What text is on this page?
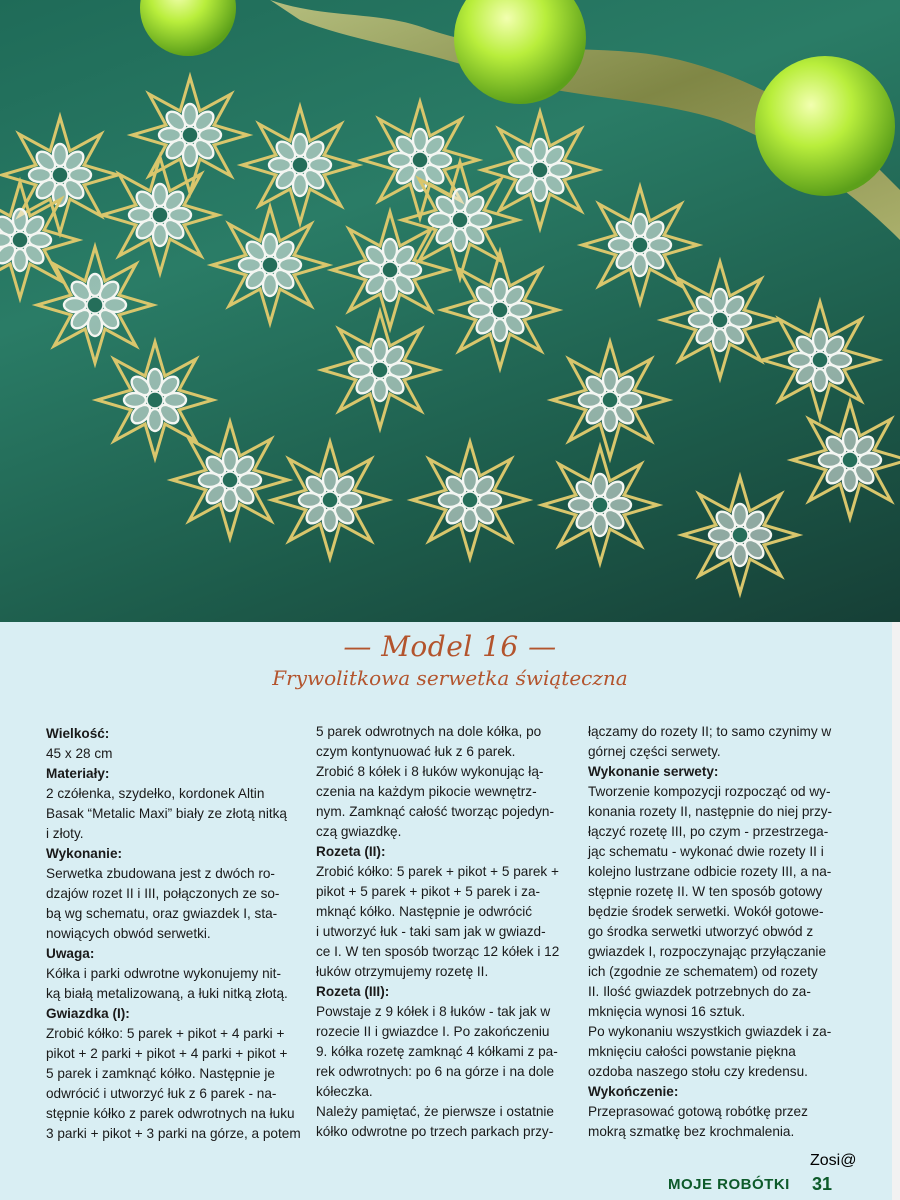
— Model 16 —
Frywolitkowa serwetka świąteczna
Wielkość:
45 x 28 cm
Materiały:
2 czółenka, szydełko, kordonek Altin
Basak “Metalic Maxi” biały ze złotą nitką
i złoty.
Wykonanie:
Serwetka zbudowana jest z dwóch ro-
dzajów rozet II i III, połączonych ze so-
bą wg schematu, oraz gwiazdek I, sta-
nowiących obwód serwetki.
Uwaga:
Kółka i parki odwrotne wykonujemy nit-
ką białą metalizowaną, a łuki nitką złotą.
Gwiazdka (I):
Zrobić kółko: 5 parek + pikot + 4 parki +
pikot + 2 parki + pikot + 4 parki + pikot +
5 parek i zamknąć kółko. Następnie je
odwrócić i utworzyć łuk z 6 parek - na-
stępnie kółko z parek odwrotnych na łuku
3 parki + pikot + 3 parki na górze, a potem
5 parek odwrotnych na dole kółka, po
czym kontynuować łuk z 6 parek.
Zrobić 8 kółek i 8 łuków wykonując łą-
czenia na każdym pikocie wewnętrz-
nym. Zamknąć całość tworząc pojedyn-
czą gwiazdkę.
Rozeta (II):
Zrobić kółko: 5 parek + pikot + 5 parek +
pikot + 5 parek + pikot + 5 parek i za-
mknąć kółko. Następnie je odwrócić
i utworzyć łuk - taki sam jak w gwiazd-
ce I. W ten sposób tworząc 12 kółek i 12
łuków otrzymujemy rozetę II.
Rozeta (III):
Powstaje z 9 kółek i 8 łuków - tak jak w
rozecie II i gwiazdce I. Po zakończeniu
9. kółka rozetę zamknąć 4 kółkami z pa-
rek odwrotnych: po 6 na górze i na dole
kółeczka.
Należy pamiętać, że pierwsze i ostatnie
kółko odwrotne po trzech parkach przy-
łączamy do rozety II; to samo czynimy w
górnej części serwety.
Wykonanie serwety:
Tworzenie kompozycji rozpocząć od wy-
konania rozety II, następnie do niej przy-
łączyć rozetę III, po czym - przestrzega-
jąc schematu - wykonać dwie rozety II i
kolejno lustrzane odbicie rozety III, a na-
stępnie rozetę II. W ten sposób gotowy
będzie środek serwetki. Wokół gotowe-
go środka serwetki utworzyć obwód z
gwiazdek I, rozpoczynając przyłączanie
ich (zgodnie ze schematem) od rozety
II. Ilość gwiazdek potrzebnych do za-
mknięcia wynosi 16 sztuk.
Po wykonaniu wszystkich gwiazdek i za-
mknięciu całości powstanie piękna
ozdoba naszego stołu czy kredensu.
Wykończenie:
Przeprasować gotową robótkę przez
mokrą szmatkę bez krochmalenia.
Zosi@
MOJE ROBÓTKI 31
